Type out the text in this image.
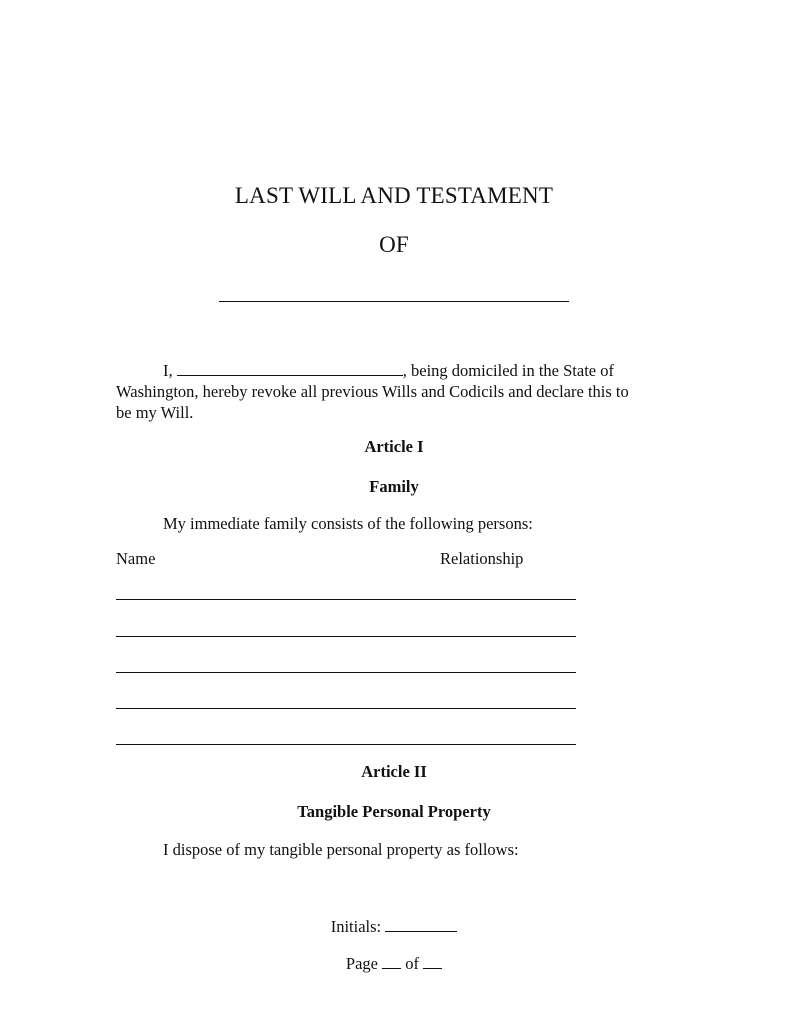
LAST WILL AND TESTAMENT
OF
I,	, being domiciled in the State of
Washington, hereby revoke all previous Wills and Codicils and declare this to
be my Will.
Article I
Family
My immediate family consists of the following persons:
Name	Relationship
Article II
Tangible Personal Property
I dispose of my tangible personal property as follows:
Initials:
Page of
